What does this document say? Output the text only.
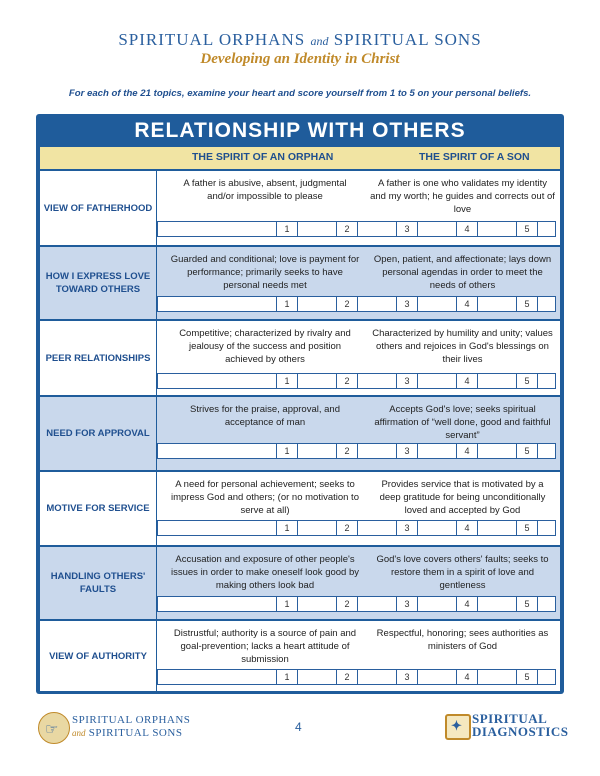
SPIRITUAL ORPHANS and SPIRITUAL SONS
Developing an Identity in Christ
For each of the 21 topics, examine your heart and score yourself from 1 to 5 on your personal beliefs.
RELATIONSHIP WITH OTHERS
THE SPIRIT OF AN ORPHAN	THE SPIRIT OF A SON
VIEW OF FATHERHOOD
A father is abusive, absent, judgmental and/or impossible to please
A father is one who validates my identity and my worth; he guides and corrects out of love
1	2	3	4	5
HOW I EXPRESS LOVE TOWARD OTHERS
Guarded and conditional; love is payment for performance; primarily seeks to have personal needs met
Open, patient, and affectionate; lays down personal agendas in order to meet the needs of others
1	2	3	4	5
PEER RELATIONSHIPS
Competitive; characterized by rivalry and jealousy of the success and position achieved by others
Characterized by humility and unity; values others and rejoices in God's blessings on their lives
1	2	3	4	5
NEED FOR APPROVAL
Strives for the praise, approval, and acceptance of man
Accepts God's love; seeks spiritual affirmation of “well done, good and faithful servant”
1	2	3	4	5
MOTIVE FOR SERVICE
A need for personal achievement; seeks to impress God and others; (or no motivation to serve at all)
Provides service that is motivated by a deep gratitude for being unconditionally loved and accepted by God
1	2	3	4	5
HANDLING OTHERS' FAULTS
Accusation and exposure of other people's issues in order to make oneself look good by making others look bad
God's love covers others' faults; seeks to restore them in a spirit of love and gentleness
1	2	3	4	5
VIEW OF AUTHORITY
Distrustful; authority is a source of pain and goal-prevention; lacks a heart attitude of submission
Respectful, honoring; sees authorities as ministers of God
1	2	3	4	5
☞
SPIRITUAL ORPHANS
and SPIRITUAL SONS	4	✦ SPIRITUAL
DIAGNOSTICS
